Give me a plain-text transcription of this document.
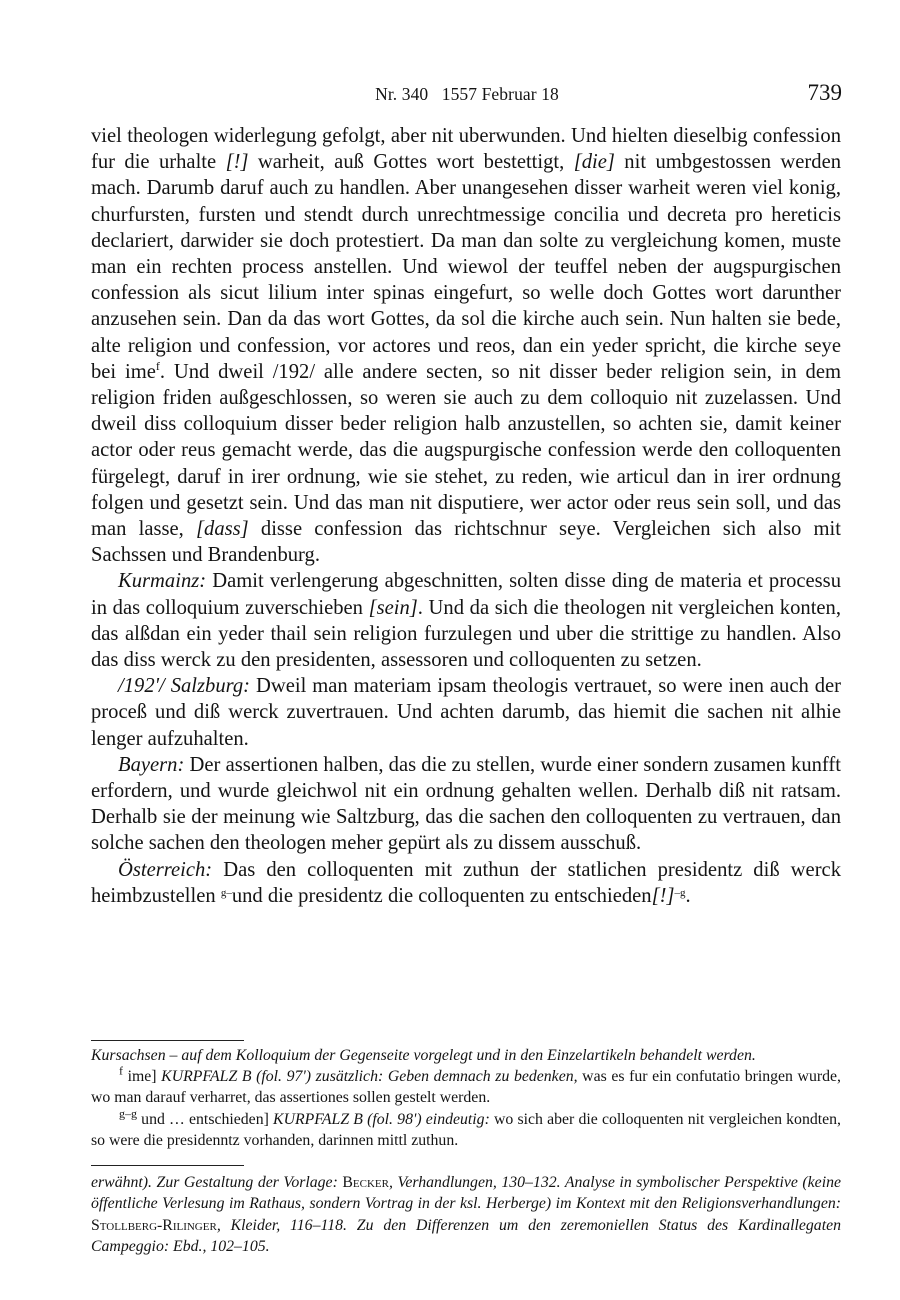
Nr. 340 1557 Februar 18	739

viel theologen widerlegung gefolgt, aber nit uberwunden. Und hielten dieselbig confession fur die urhalte [!] warheit, auß Gottes wort bestettigt, [die] nit umbgestossen werden mach. Darumb daruf auch zu handlen. Aber unangesehen disser warheit weren viel konig, churfursten, fursten und stendt durch unrechtmessige concilia und decreta pro hereticis declariert, darwider sie doch protestiert. Da man dan solte zu vergleichung komen, muste man ein rechten process anstellen. Und wiewol der teuffel neben der augspurgischen confession als sicut lilium inter spinas eingefurt, so welle doch Gottes wort darunther anzusehen sein. Dan da das wort Gottes, da sol die kirche auch sein. Nun halten sie bede, alte religion und confession, vor actores und reos, dan ein yeder spricht, die kirche seye bei ime$^f$. Und dweil /192/ alle andere secten, so nit disser beder religion sein, in dem religion friden außgeschlossen, so weren sie auch zu dem colloquio nit zuzelassen. Und dweil diss colloquium disser beder religion halb anzustellen, so achten sie, damit keiner actor oder reus gemacht werde, das die augspurgische confession werde den colloquenten fürgelegt, daruf in irer ordnung, wie sie stehet, zu reden, wie articul dan in irer ordnung folgen und gesetzt sein. Und das man nit disputiere, wer actor oder reus sein soll, und das man lasse, [dass] disse confession das richtschnur seye. Vergleichen sich also mit Sachssen und Brandenburg.

Kurmainz: Damit verlengerung abgeschnitten, solten disse ding de materia et processu in das colloquium zuverschieben [sein]. Und da sich die theologen nit vergleichen konten, das alßdan ein yeder thail sein religion furzulegen und uber die strittige zu handlen. Also das diss werck zu den presidenten, assessoren und colloquenten zu setzen.

/192'/ Salzburg: Dweil man materiam ipsam theologis vertrauet, so were inen auch der proceß und diß werck zuvertrauen. Und achten darumb, das hiemit die sachen nit alhie lenger aufzuhalten.

Bayern: Der assertionen halben, das die zu stellen, wurde einer sondern zusamen kunfft erfordern, und wurde gleichwol nit ein ordnung gehalten wellen. Derhalb diß nit ratsam. Derhalb sie der meinung wie Saltzburg, das die sachen den colloquenten zu vertrauen, dan solche sachen den theologen meher gepürt als zu dissem ausschuß.

Österreich: Das den colloquenten mit zuthun der statlichen presidentz diß werck heimbzustellen $^{g-}$und die presidentz die colloquenten zu entschieden[!]$^{-g}$.

Kursachsen – auf dem Kolloquium der Gegenseite vorgelegt und in den Einzelartikeln behandelt werden.

$^f$ ime] KURPFALZ B (fol. 97') zusätzlich: Geben demnach zu bedenken, was es fur ein confutatio bringen wurde, wo man darauf verharret, das assertiones sollen gestelt werden.

$^{g-g}$ und … entschieden] KURPFALZ B (fol. 98') eindeutig: wo sich aber die colloquenten nit vergleichen kondten, so were die presidenntz vorhanden, darinnen mittl zuthun.

erwähnt). Zur Gestaltung der Vorlage: Becker, Verhandlungen, 130–132. Analyse in symbolischer Perspektive (keine öffentliche Verlesung im Rathaus, sondern Vortrag in der ksl. Herberge) im Kontext mit den Religionsverhandlungen: Stollberg-Rilinger, Kleider, 116–118. Zu den Differenzen um den zeremoniellen Status des Kardinallegaten Campeggio: Ebd., 102–105.
